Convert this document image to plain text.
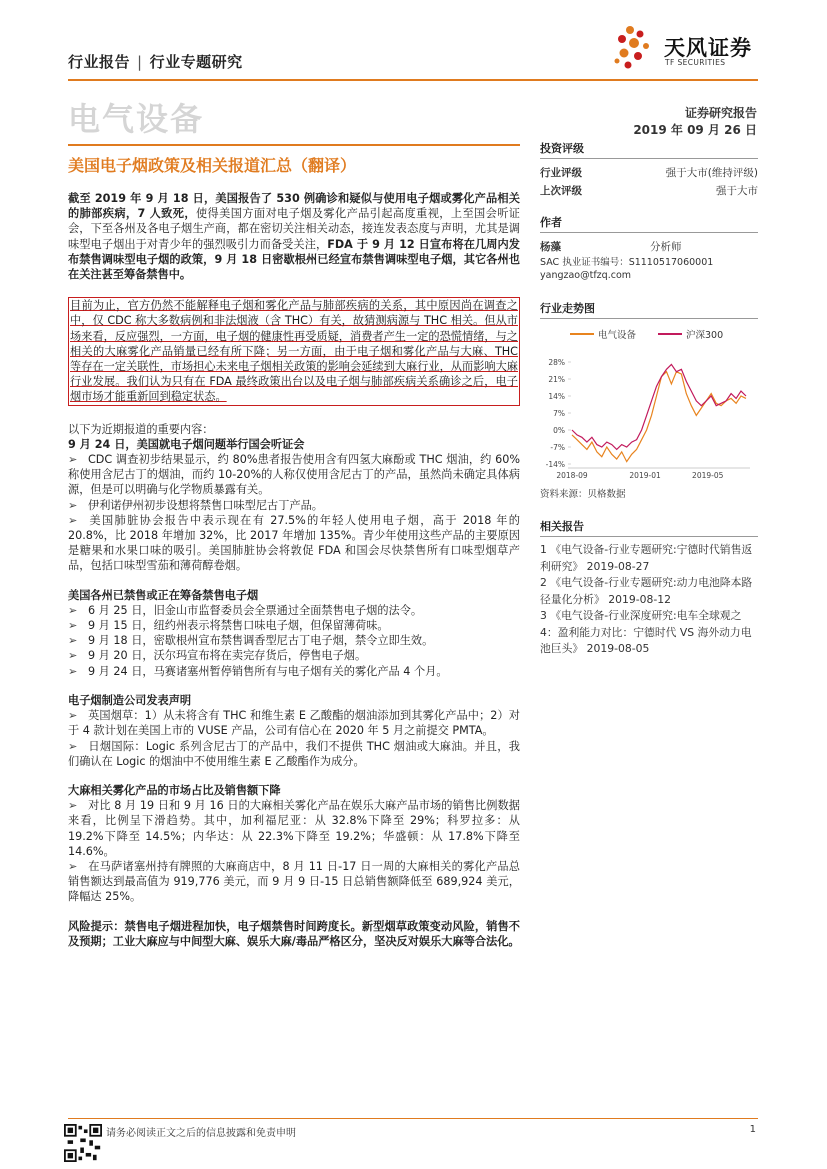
行业报告 | 行业专题研究
天风证券
TF SECURITIES
电气设备	证券研究报告
2019 年 09 月 26 日
美国电子烟政策及相关报道汇总（翻译）

截至 2019 年 9 月 18 日，美国报告了 530 例确诊和疑似与使用电子烟或雾化产品相关的肺部疾病，7 人致死，使得美国方面对电子烟及雾化产品引起高度重视，上至国会听证会，下至各州及各电子烟生产商，都在密切关注相关动态，接连发表态度与声明，尤其是调味型电子烟出于对青少年的强烈吸引力而备受关注，FDA 于 9 月 12 日宣布将在几周内发布禁售调味型电子烟的政策，9 月 18 日密歇根州已经宣布禁售调味型电子烟，其它各州也在关注甚至筹备禁售中。

目前为止，官方仍然不能解释电子烟和雾化产品与肺部疾病的关系，其中原因尚在调查之中，仅 CDC 称大多数病例和非法烟液（含 THC）有关，故猜测病源与 THC 相关。但从市场来看，反应强烈，一方面，电子烟的健康性再受质疑，消费者产生一定的恐慌情绪，与之相关的大麻雾化产品销量已经有所下降；另一方面，由于电子烟和雾化产品与大麻、THC 等存在一定关联性，市场担心未来电子烟相关政策的影响会延续到大麻行业，从而影响大麻行业发展。我们认为只有在 FDA 最终政策出台以及电子烟与肺部疾病关系确诊之后，电子烟市场才能重新回到稳定状态。

以下为近期报道的重要内容：

9 月 24 日，美国就电子烟问题举行国会听证会

➢ CDC 调查初步结果显示，约 80%患者报告使用含有四氢大麻酚或 THC 烟油，约 60%称使用含尼古丁的烟油，而约 10-20%的人称仅使用含尼古丁的产品，虽然尚未确定具体病源，但是可以明确与化学物质暴露有关。

➢ 伊利诺伊州初步设想将禁售口味型尼古丁产品。

➢ 美国肺脏协会报告中表示现在有 27.5%的年轻人使用电子烟，高于 2018 年的 20.8%，比 2018 年增加 32%，比 2017 年增加 135%。青少年使用这些产品的主要原因是糖果和水果口味的吸引。美国肺脏协会将敦促 FDA 和国会尽快禁售所有口味型烟草产品，包括口味型雪茄和薄荷醇卷烟。

美国各州已禁售或正在筹备禁售电子烟

➢ 6 月 25 日，旧金山市监督委员会全票通过全面禁售电子烟的法令。

➢ 9 月 15 日，纽约州表示将禁售口味电子烟，但保留薄荷味。

➢ 9 月 18 日，密歇根州宣布禁售调香型尼古丁电子烟，禁令立即生效。

➢ 9 月 20 日，沃尔玛宣布将在卖完存货后，停售电子烟。

➢ 9 月 24 日，马赛诸塞州暂停销售所有与电子烟有关的雾化产品 4 个月。

电子烟制造公司发表声明

➢ 英国烟草：1）从未将含有 THC 和维生素 E 乙酸酯的烟油添加到其雾化产品中；2）对于 4 款计划在美国上市的 VUSE 产品，公司有信心在 2020 年 5 月之前提交 PMTA。

➢ 日烟国际：Logic 系列含尼古丁的产品中，我们不提供 THC 烟油或大麻油。并且，我们确认在 Logic 的烟油中不使用维生素 E 乙酸酯作为成分。

大麻相关雾化产品的市场占比及销售额下降

➢ 对比 8 月 19 日和 9 月 16 日的大麻相关雾化产品在娱乐大麻产品市场的销售比例数据来看，比例呈下滑趋势。其中，加利福尼亚：从 32.8%下降至 29%；科罗拉多：从 19.2%下降至 14.5%；内华达：从 22.3%下降至 19.2%；华盛顿：从 17.8%下降至 14.6%。

➢ 在马萨诸塞州持有牌照的大麻商店中，8 月 11 日-17 日一周的大麻相关的雾化产品总销售额达到最高值为 919,776 美元，而 9 月 9 日-15 日总销售额降低至 689,924 美元，降幅达 25%。

风险提示：禁售电子烟进程加快，电子烟禁售时间跨度长。新型烟草政策变动风险，销售不及预期；工业大麻应与中间型大麻、娱乐大麻/毒品严格区分，坚决反对娱乐大麻等合法化。

投资评级
行业评级	强于大市(维持评级)
上次评级	强于大市
作者
杨藻	分析师
SAC 执业证书编号：S1110517060001
yangzao@tfzq.com
行业走势图
电气设备	沪深300
28%
21%
14%
7%
0%
-7%
-14%
2018-09	2019-01	2019-05
资料来源：贝格数据
相关报告
1 《电气设备-行业专题研究:宁德时代销售返利研究》 2019-08-27
2 《电气设备-行业专题研究:动力电池降本路径量化分析》 2019-08-12
3 《电气设备-行业深度研究:电车全球观之 4：盈利能力对比：宁德时代 VS 海外动力电池巨头》 2019-08-05
请务必阅读正文之后的信息披露和免责申明	1
